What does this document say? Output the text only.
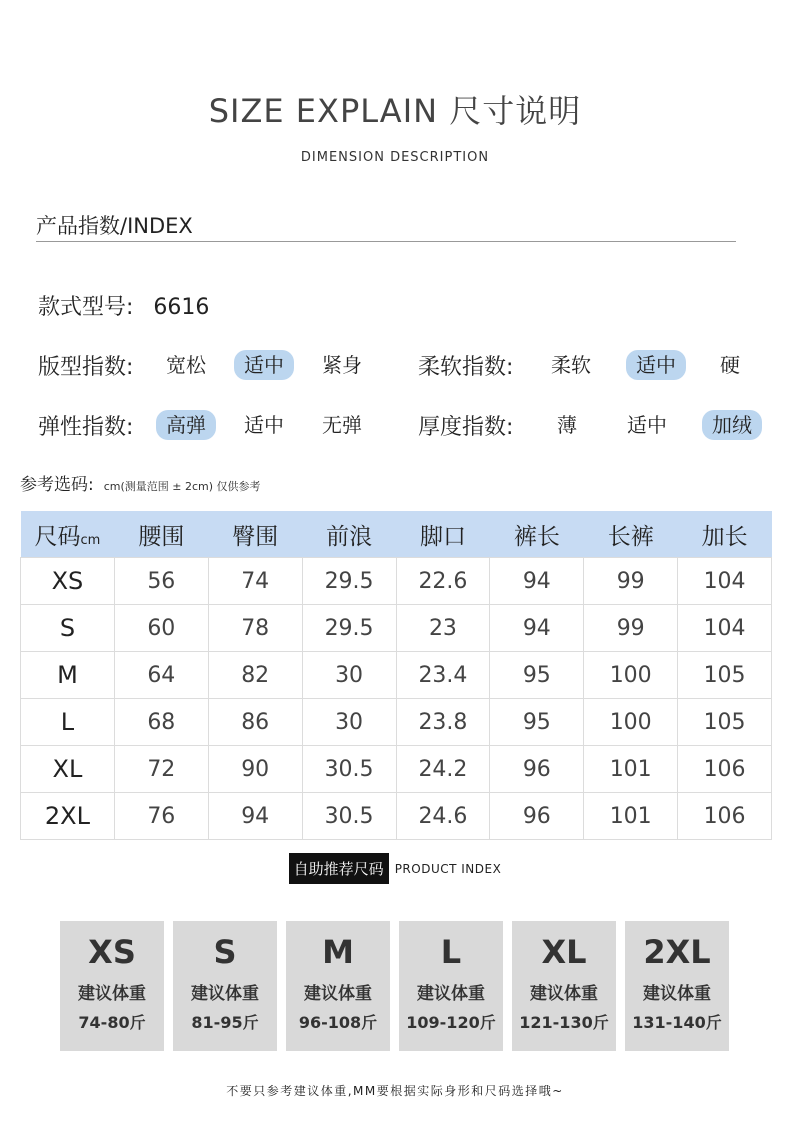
SIZE EXPLAIN 尺寸说明
DIMENSION DESCRIPTION
产品指数/INDEX
款式型号: 6616
版型指数:	宽松	适中	紧身	柔软指数:	柔软	适中	硬
弹性指数:	高弹	适中	无弹	厚度指数:	薄	适中	加绒
参考选码: cm(测量范围 ± 2cm) 仅供参考
尺码cm	腰围	臀围	前浪	脚口	裤长	长裤	加长
XS	56	74	29.5	22.6	94	99	104
S	60	78	29.5	23	94	99	104
M	64	82	30	23.4	95	100	105
L	68	86	30	23.8	95	100	105
XL	72	90	30.5	24.2	96	101	106
2XL	76	94	30.5	24.6	96	101	106
自助推荐尺码 PRODUCT INDEX
XS
建议体重
74-80斤
S
建议体重
81-95斤
M
建议体重
96-108斤
L
建议体重
109-120斤
XL
建议体重
121-130斤
2XL
建议体重
131-140斤
不要只参考建议体重,MM要根据实际身形和尺码选择哦~
